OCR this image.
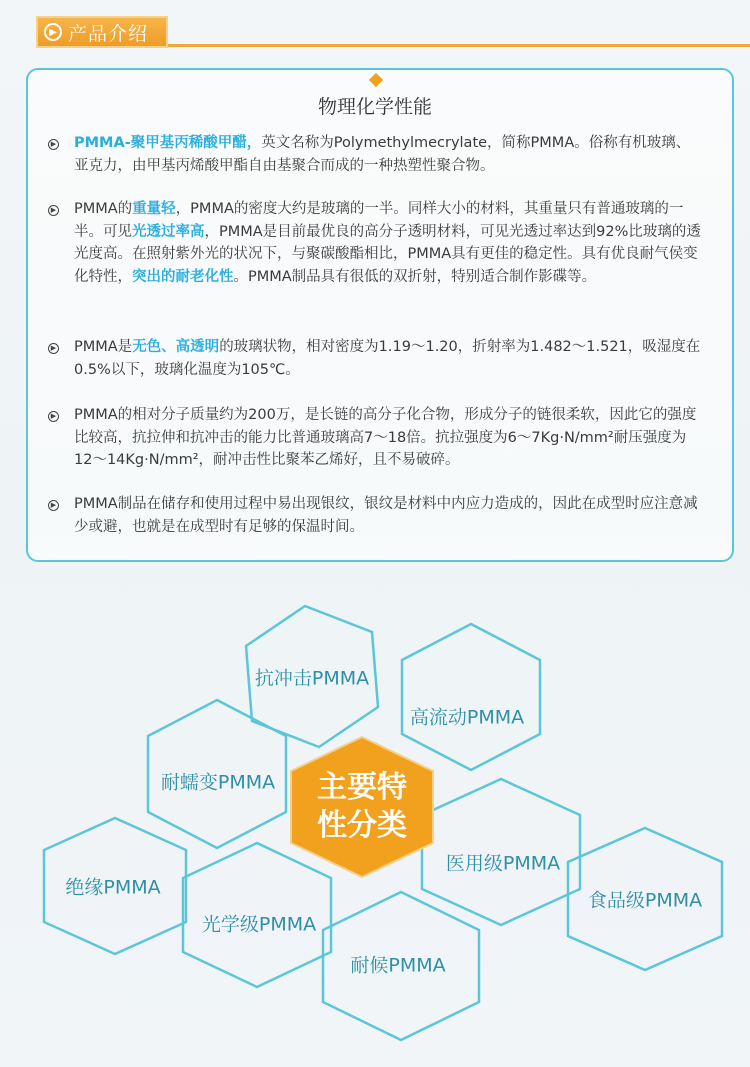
▶ 产品介绍
物理化学性能
▶ PMMA-聚甲基丙稀酸甲醋，英文名称为Polymethylmecrylate，简称PMMA。俗称有机玻璃、亚克力，由甲基丙烯酸甲酯自由基聚合而成的一种热塑性聚合物。
▶ PMMA的重量轻，PMMA的密度大约是玻璃的一半。同样大小的材料，其重量只有普通玻璃的一半。可见光透过率高，PMMA是目前最优良的高分子透明材料，可见光透过率达到92%比玻璃的透光度高。在照射紫外光的状况下，与聚碳酸酯相比，PMMA具有更佳的稳定性。具有优良耐气侯变化特性，突出的耐老化性。PMMA制品具有很低的双折射，特别适合制作影碟等。
▶ PMMA是无色、高透明的玻璃状物，相对密度为1.19～1.20，折射率为1.482～1.521，吸湿度在0.5%以下，玻璃化温度为105℃。
▶ PMMA的相对分子质量约为200万，是长链的高分子化合物，形成分子的链很柔软，因此它的强度比较高，抗拉伸和抗冲击的能力比普通玻璃高7～18倍。抗拉强度为6～7Kg·N/mm²耐压强度为12～14Kg·N/mm²，耐冲击性比聚苯乙烯好，且不易破碎。
▶ PMMA制品在储存和使用过程中易出现银纹，银纹是材料中内应力造成的，因此在成型时应注意减少或避，也就是在成型时有足够的保温时间。
抗冲击PMMA
高流动PMMA
耐蠕变PMMA
绝缘PMMA
医用级PMMA
食品级PMMA
光学级PMMA
耐候PMMA
主要特
性分类
